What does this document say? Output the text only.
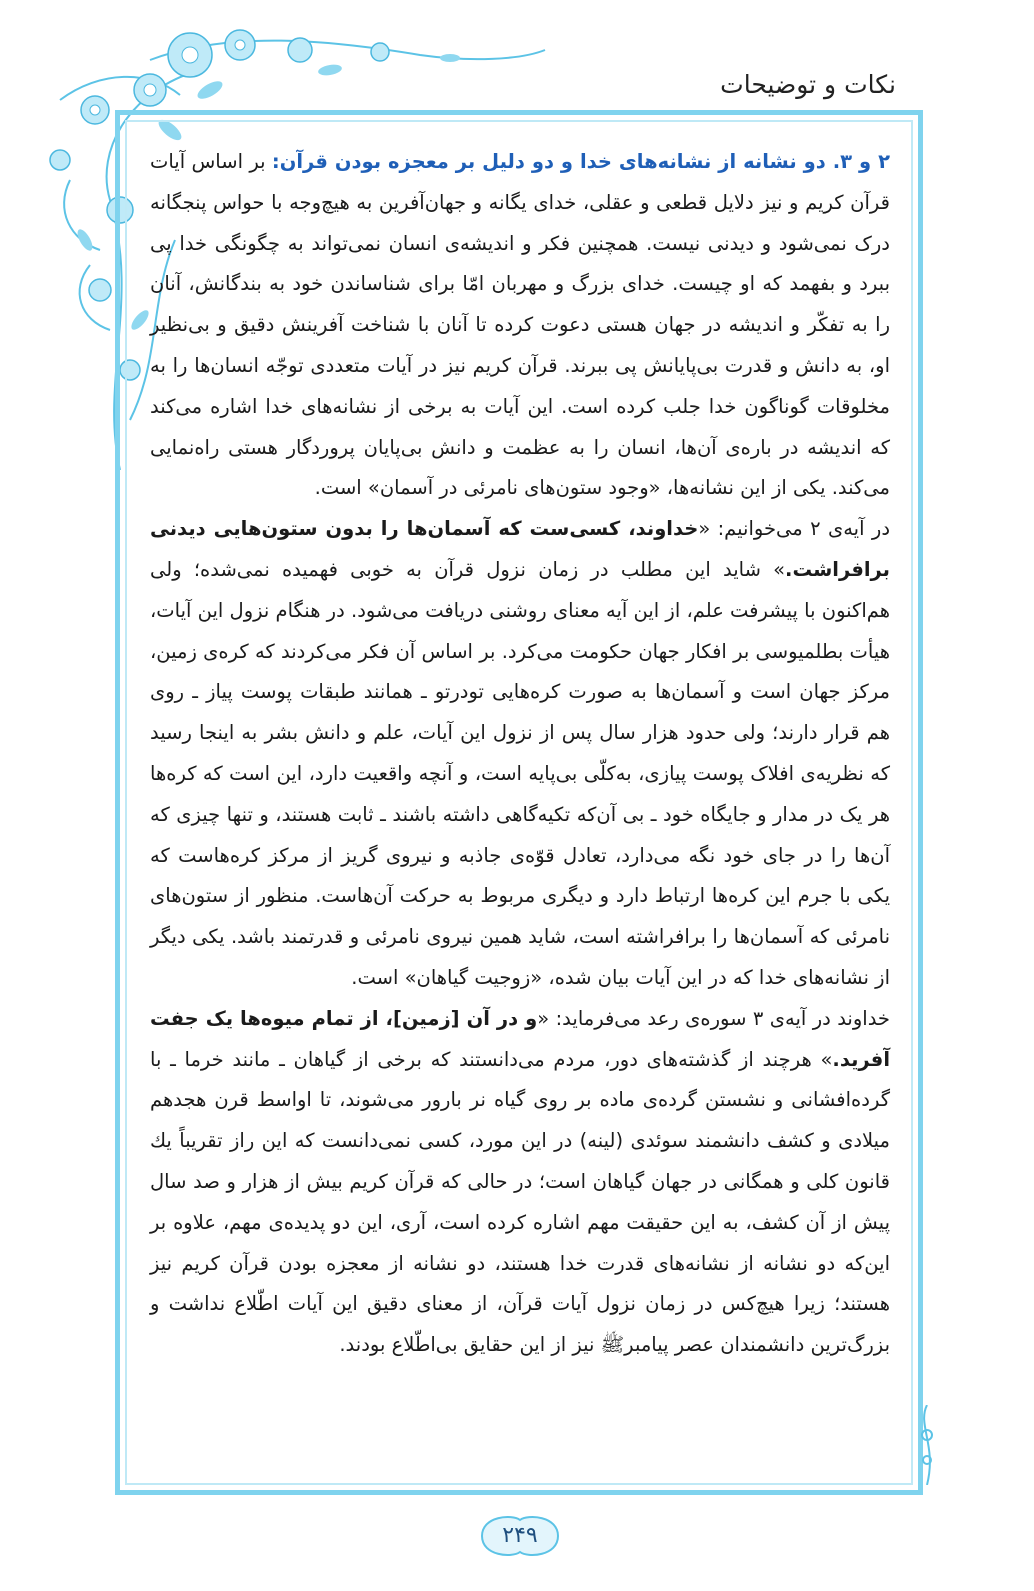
نکات و توضیحات

۲ و ۳. دو نشانه از نشانه‌های خدا و دو دلیل بر معجزه بودن قرآن: بر اساس آیات قرآن کریم و نیز دلایل قطعی و عقلی، خدای یگانه و جهان‌آفرین به هیچ‌وجه با حواس پنجگانه درک نمی‌شود و دیدنی نیست. همچنین فکر و اندیشه‌ی انسان نمی‌تواند به چگونگی خدا پی ببرد و بفهمد که او چیست. خدای بزرگ و مهربان امّا برای شناساندن خود به بندگانش، آنان را به تفکّر و اندیشه در جهان هستی دعوت کرده تا آنان با شناخت آفرینش دقیق و بی‌نظیر او، به دانش و قدرت بی‌پایانش پی ببرند. قرآن کریم نیز در آیات متعددی توجّه انسان‌ها را به مخلوقات گوناگون خدا جلب کرده است. این آیات به برخی از نشانه‌های خدا اشاره می‌کند که اندیشه در باره‌ی آن‌ها، انسان را به عظمت و دانش بی‌پایان پروردگار هستی راه‌نمایی می‌کند. یکی از این نشانه‌ها، «وجود ستون‌های نامرئی در آسمان» است.

در آیه‌ی ۲ می‌خوانیم: «خداوند، کسی‌ست که آسمان‌ها را بدون ستون‌هایی دیدنی برافراشت.» شاید این مطلب در زمان نزول قرآن به خوبی فهمیده نمی‌شده؛ ولی هم‌اکنون با پیشرفت علم، از این آیه معنای روشنی دریافت می‌شود. در هنگام نزول این آیات، هیأت بطلمیوسی بر افکار جهان حکومت می‌کرد. بر اساس آن فکر می‌کردند که کره‌ی زمین، مرکز جهان است و آسمان‌ها به صورت کره‌هایی تودرتو ـ همانند طبقات پوست پیاز ـ روی هم قرار دارند؛ ولی حدود هزار سال پس از نزول این آیات، علم و دانش بشر به اینجا رسید که نظریه‌ی افلاک پوست پیازی، به‌کلّی بی‌پایه است، و آنچه واقعیت دارد، این است که کره‌ها هر یک در مدار و جایگاه خود ـ بی آن‌که تکیه‌گاهی داشته باشند ـ ثابت هستند، و تنها چیزی که آن‌ها را در جای خود نگه می‌دارد، تعادل قوّه‌ی جاذبه و نیروی گریز از مرکز کره‌هاست که یکی با جرم این کره‌ها ارتباط دارد و دیگری مربوط به حرکت آن‌هاست. منظور از ستون‌های نامرئی که آسمان‌ها را برافراشته است، شاید همین نیروی نامرئی و قدرتمند باشد. یکی دیگر از نشانه‌های خدا که در این آیات بیان شده، «زوجیت گیاهان» است.

خداوند در آیه‌ی ۳ سوره‌ی رعد می‌فرماید: «و در آن [زمین]، از تمام میوه‌ها یک جفت آفرید.» هرچند از گذشته‌های دور، مردم می‌دانستند که برخی از گیاهان ـ مانند خرما ـ با گرده‌افشانی و نشستن گرده‌ی ماده بر روی گیاه نر بارور می‌شوند، تا اواسط قرن هجدهم میلادی و کشف دانشمند سوئدی (لینه) در این مورد، کسی نمی‌دانست که این راز تقریباً يك قانون کلی و همگانی در جهان گیاهان است؛ در حالی که قرآن کریم بیش از هزار و صد سال پیش از آن کشف، به این حقیقت مهم اشاره کرده است، آری، این دو پدیده‌ی مهم، علاوه بر این‌که دو نشانه از نشانه‌های قدرت خدا هستند، دو نشانه از معجزه بودن قرآن کریم نیز هستند؛ زیرا هیچ‌کس در زمان نزول آیات قرآن، از معنای دقیق این آیات اطّلاع نداشت و بزرگ‌ترین دانشمندان عصر پیامبرﷺ نیز از این حقایق بی‌اطّلاع بودند.

۲۴۹
